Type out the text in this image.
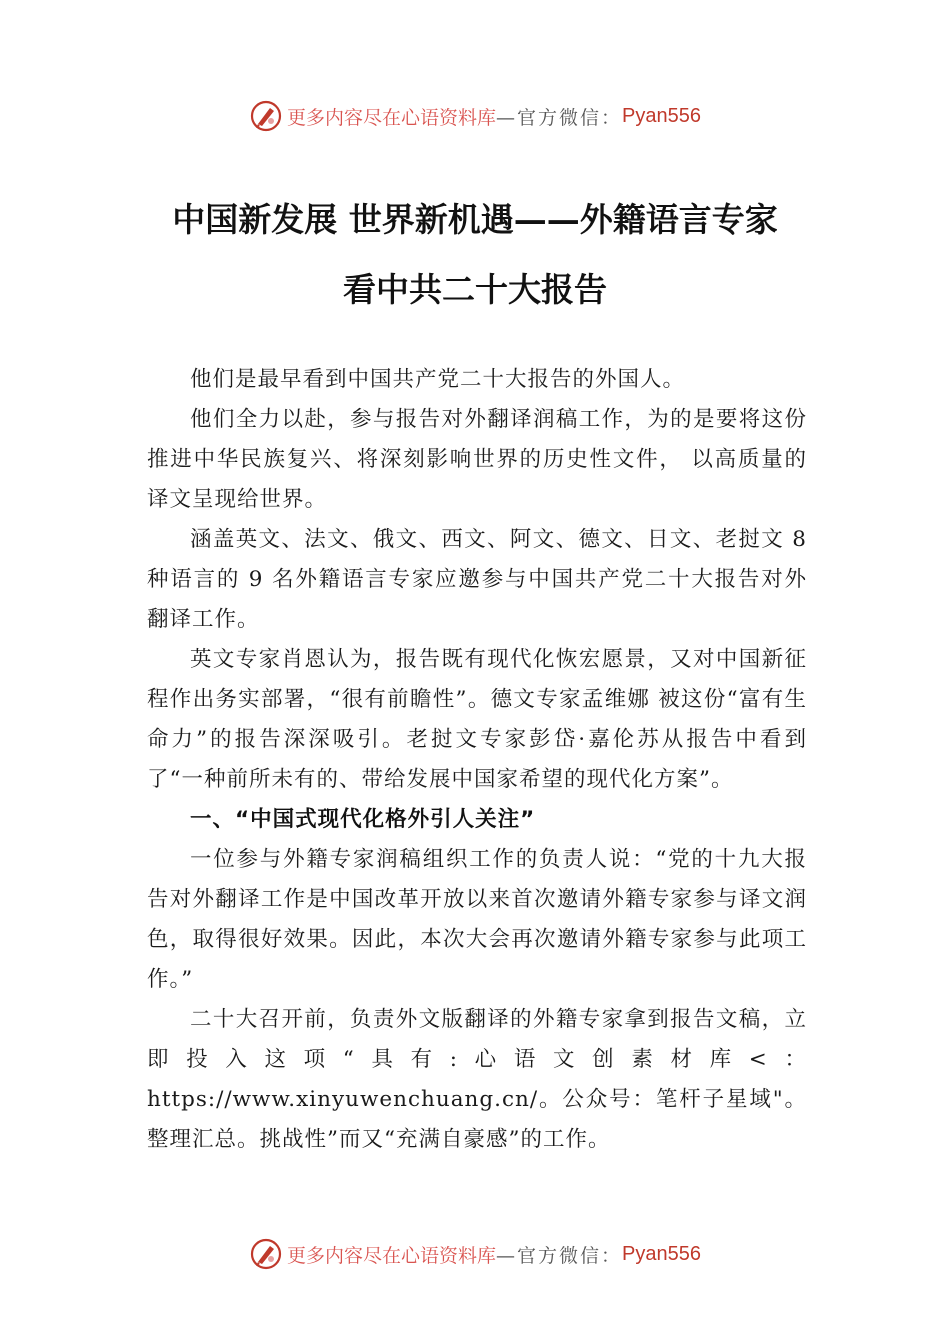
更多内容尽在心语资料库 —官方微信： Pyan556
中国新发展 世界新机遇——外籍语言专家
看中共二十大报告

他们是最早看到中国共产党二十大报告的外国人。

他们全力以赴，参与报告对外翻译润稿工作，为的是要将这份推进中华民族复兴、将深刻影响世界的历史性文件， 以高质量的译文呈现给世界。

涵盖英文、法文、俄文、西文、阿文、德文、日文、老挝文 8 种语言的 9 名外籍语言专家应邀参与中国共产党二十大报告对外翻译工作。

英文专家肖恩认为，报告既有现代化恢宏愿景，又对中国新征程作出务实部署，“很有前瞻性”。德文专家孟维娜 被这份“富有生命力”的报告深深吸引。老挝文专家彭岱·嘉伦苏从报告中看到了“一种前所未有的、带给发展中国家希望的现代化方案”。

一、“中国式现代化格外引人关注”

一位参与外籍专家润稿组织工作的负责人说：“党的十九大报告对外翻译工作是中国改革开放以来首次邀请外籍专家参与译文润色，取得很好效果。因此，本次大会再次邀请外籍专家参与此项工作。”

二十大召开前，负责外文版翻译的外籍专家拿到报告文稿，立即投入这项“具有:心语文创素材库<：https://www.xinyuwenchuang.cn/。公众号：笔杆子星域"。整理汇总。挑战性”而又“充满自豪感”的工作。

更多内容尽在心语资料库 —官方微信： Pyan556
